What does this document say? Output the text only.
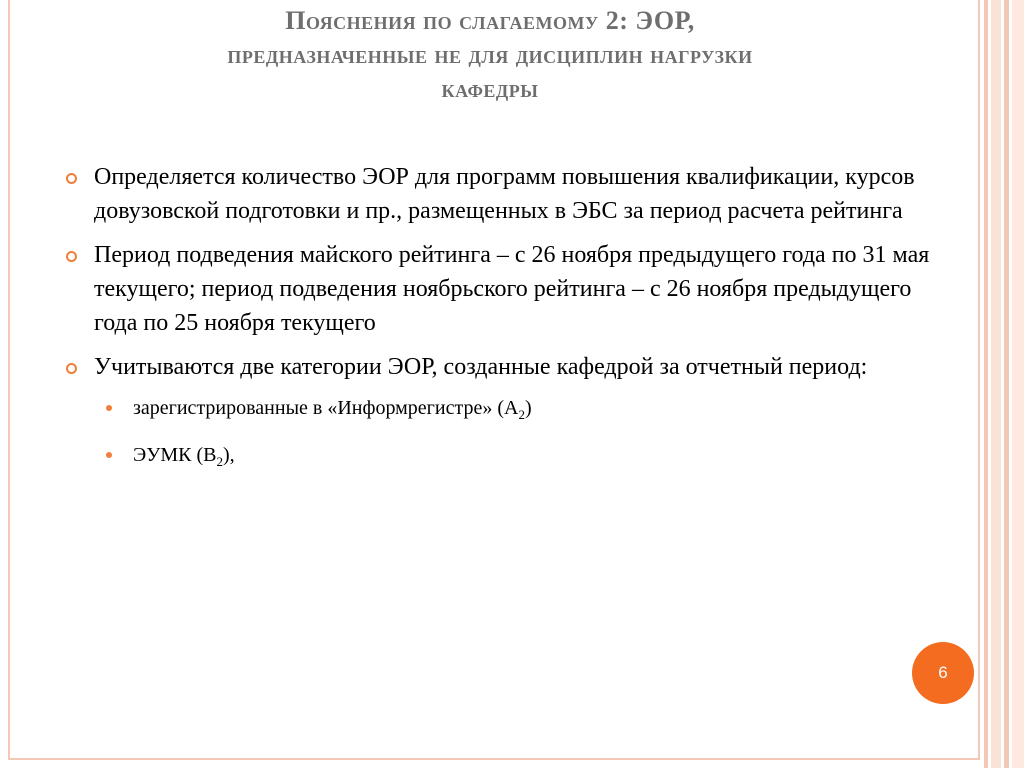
Пояснения по слагаемому 2: ЭОР,
предназначенные не для дисциплин нагрузки
кафедры
Определяется количество ЭОР для программ повышения квалификации, курсов довузовской подготовки и пр., размещенных в ЭБС за период расчета рейтинга
Период подведения майского рейтинга – с 26 ноября предыдущего года по 31 мая текущего; период подведения ноябрьского рейтинга – с 26 ноября предыдущего года по 25 ноября текущего
Учитываются две категории ЭОР, созданные кафедрой за отчетный период:
зарегистрированные в «Информрегистре» $(А_2)$
ЭУМК $(В_2)$,
6
